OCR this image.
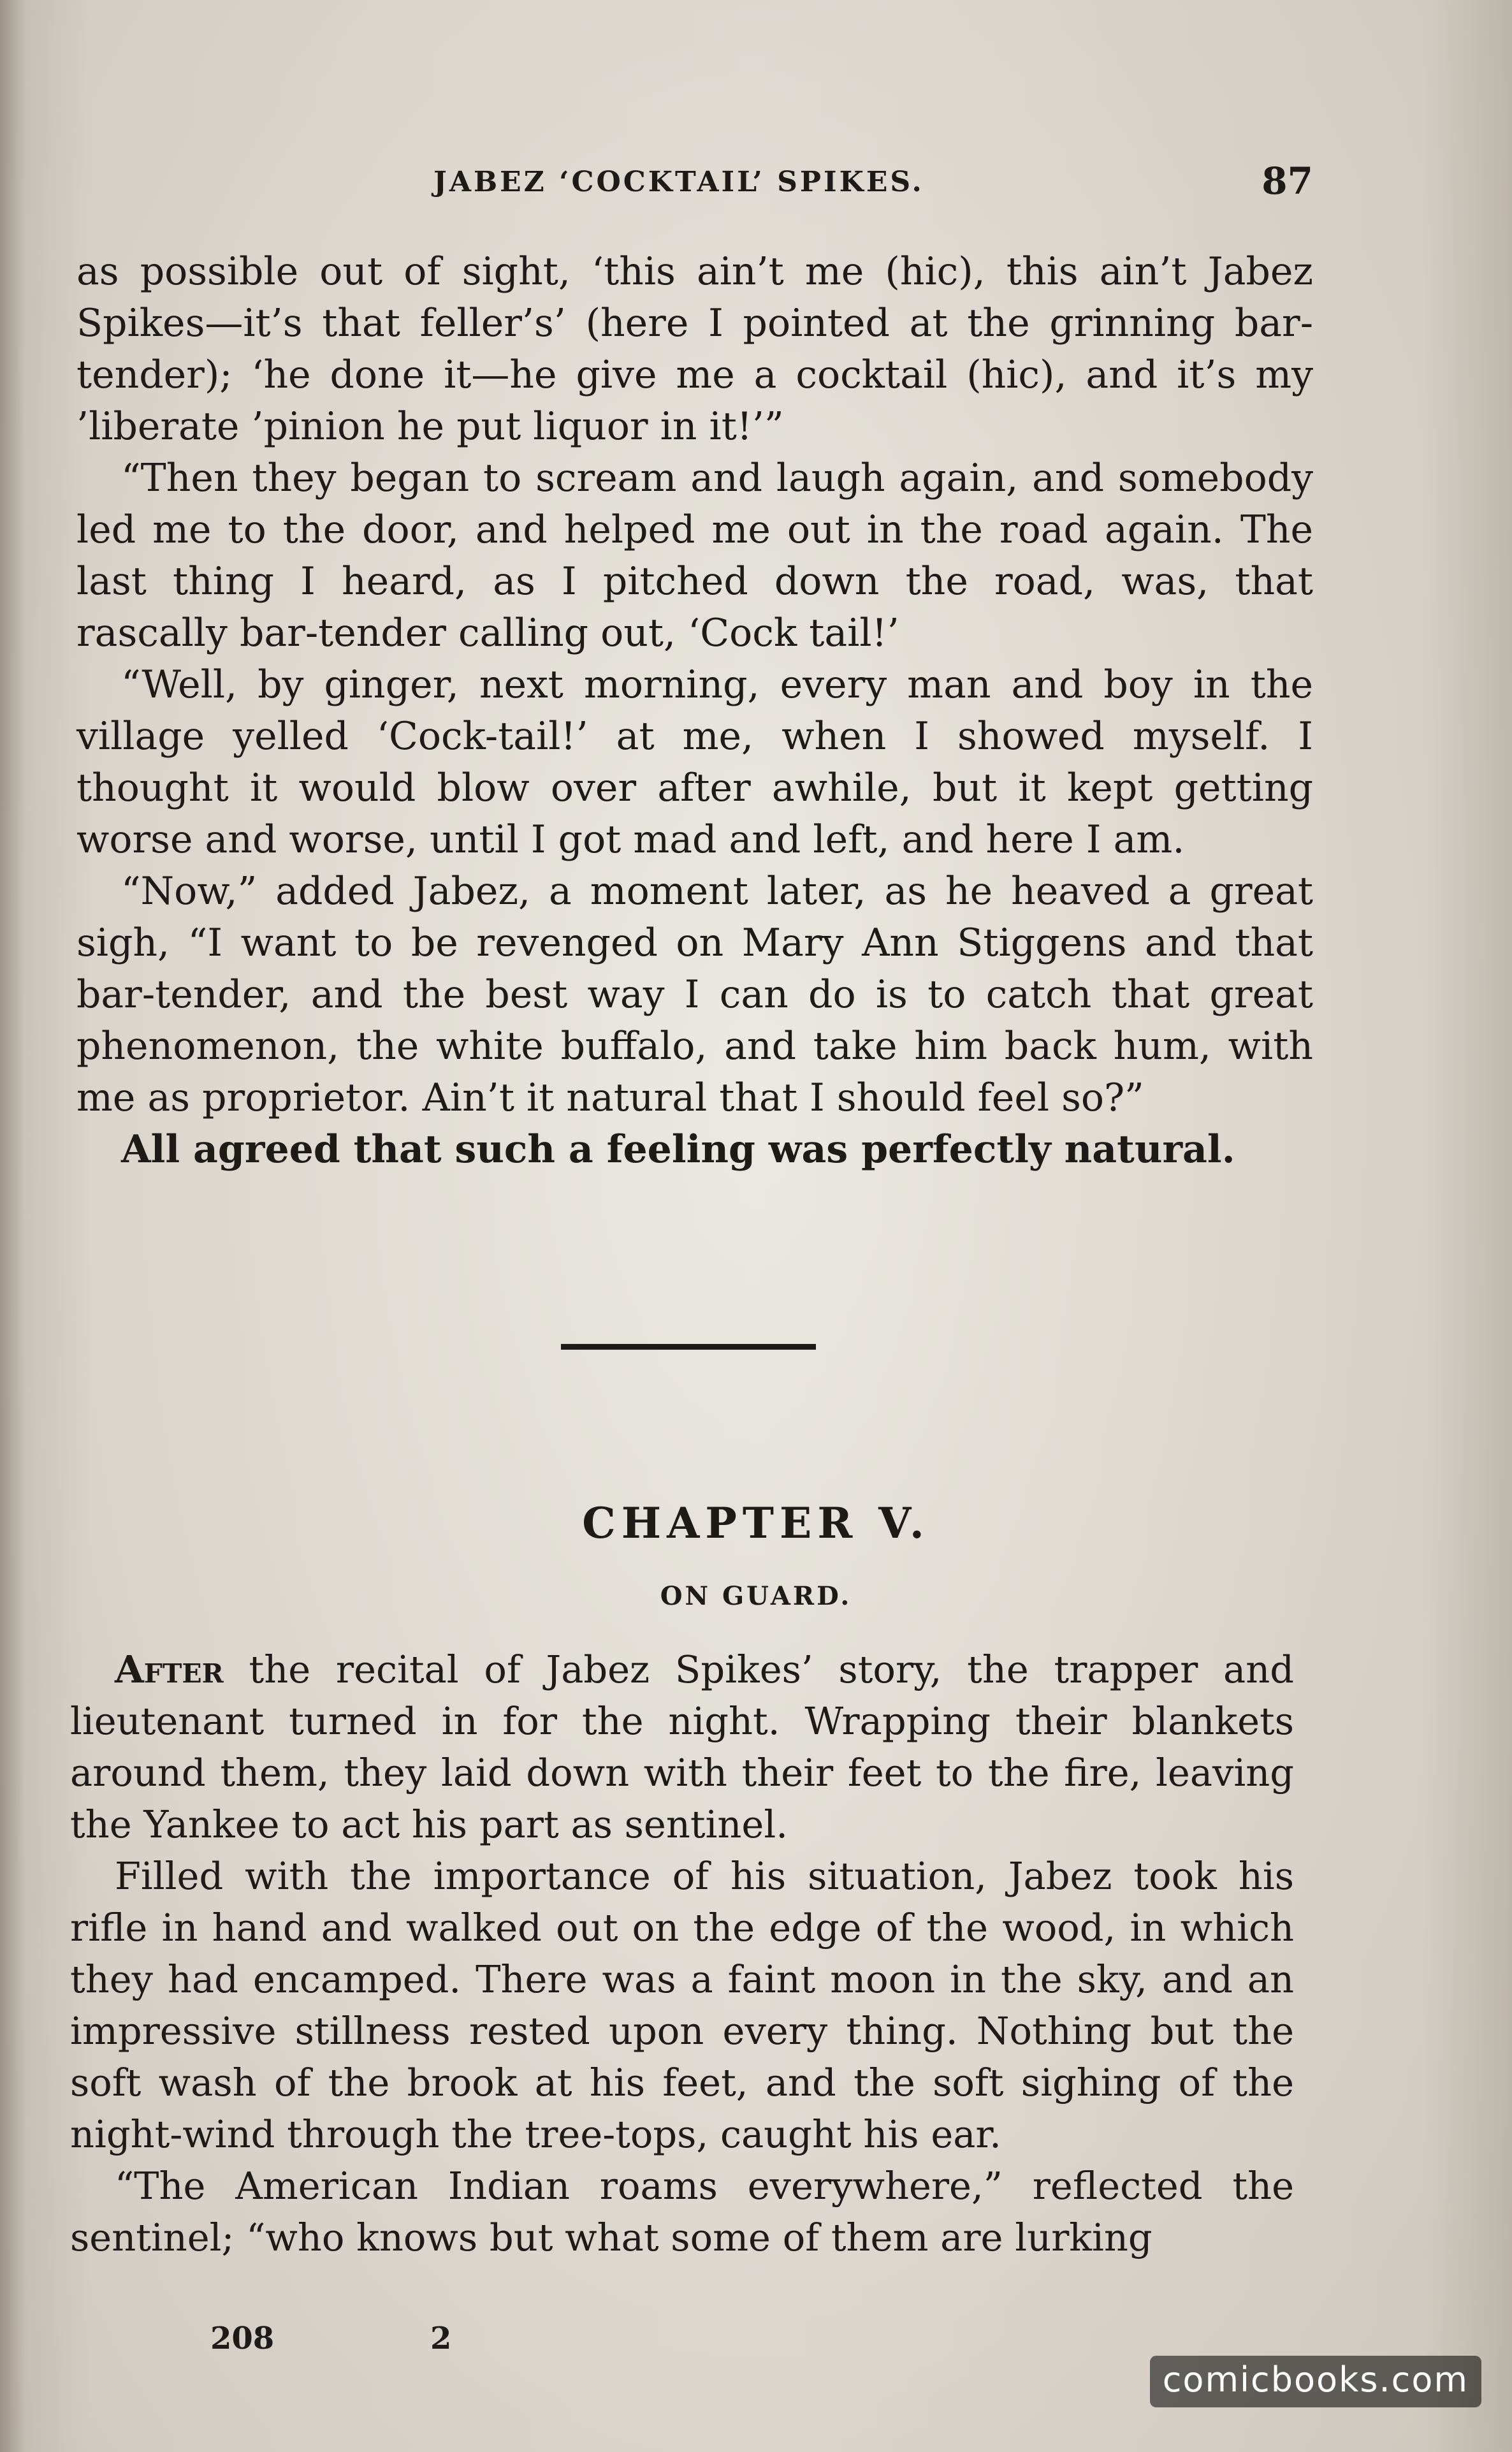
JABEZ ‘COCKTAIL’ SPIKES.	87

as possible out of sight, ‘this ain’t me (hic), this ain’t Jabez Spikes—it’s that feller’s’ (here I pointed at the grinning bar-tender); ‘he done it—he give me a cocktail (hic), and it’s my ’liberate ’pinion he put liquor in it!’”

“Then they began to scream and laugh again, and somebody led me to the door, and helped me out in the road again. The last thing I heard, as I pitched down the road, was, that rascally bar-tender calling out, ‘Cock tail!’

“Well, by ginger, next morning, every man and boy in the village yelled ‘Cock-tail!’ at me, when I showed myself. I thought it would blow over after awhile, but it kept getting worse and worse, until I got mad and left, and here I am.

“Now,” added Jabez, a moment later, as he heaved a great sigh, “I want to be revenged on Mary Ann Stiggens and that bar-tender, and the best way I can do is to catch that great phenomenon, the white buffalo, and take him back hum, with me as proprietor. Ain’t it natural that I should feel so?”

All agreed that such a feeling was perfectly natural.

CHAPTER V.
ON GUARD.

After the recital of Jabez Spikes’ story, the trapper and lieutenant turned in for the night. Wrapping their blankets around them, they laid down with their feet to the fire, leaving the Yankee to act his part as sentinel.

Filled with the importance of his situation, Jabez took his rifle in hand and walked out on the edge of the wood, in which they had encamped. There was a faint moon in the sky, and an impressive stillness rested upon every thing. Nothing but the soft wash of the brook at his feet, and the soft sighing of the night-wind through the tree-tops, caught his ear.

“The American Indian roams everywhere,” reflected the sentinel; “who knows but what some of them are lurking

208	2
comicbooks.com
